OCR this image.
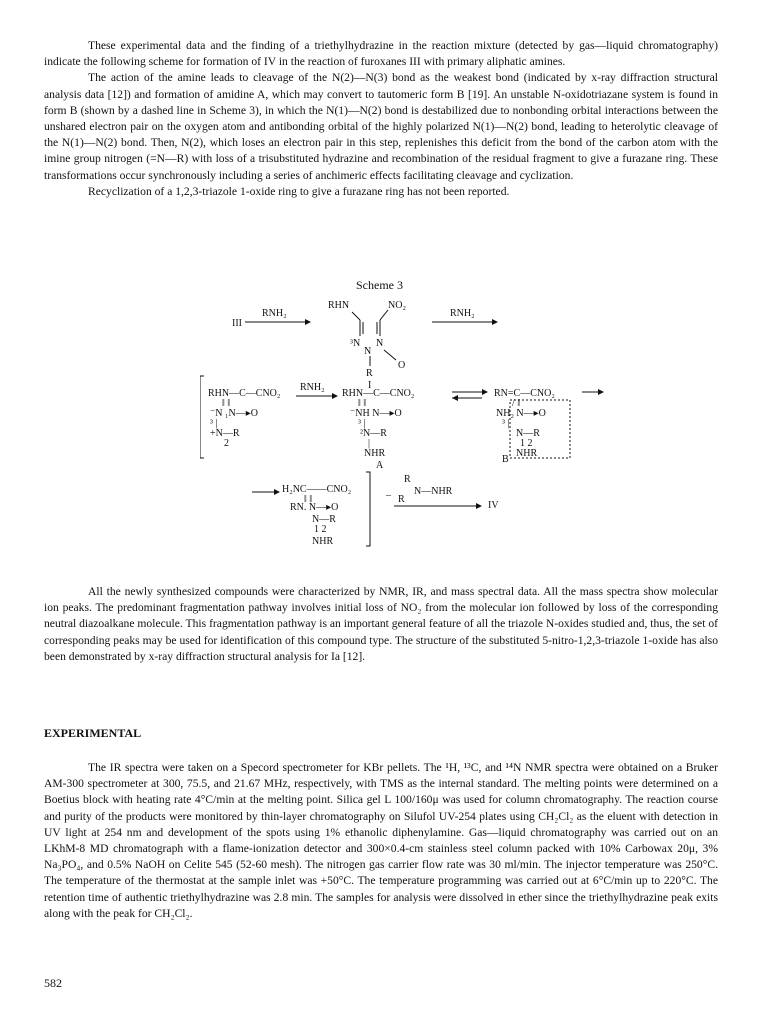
These experimental data and the finding of a triethylhydrazine in the reaction mixture (detected by gas—liquid chromatography) indicate the following scheme for formation of IV in the reaction of furoxanes III with primary aliphatic amines.

The action of the amine leads to cleavage of the N(2)—N(3) bond as the weakest bond (indicated by x-ray diffraction structural analysis data [12]) and formation of amidine A, which may convert to tautomeric form B [19]. An unstable N-oxidotriazane system is found in form B (shown by a dashed line in Scheme 3), in which the N(1)—N(2) bond is destabilized due to nonbonding orbital interactions between the unshared electron pair on the oxygen atom and antibonding orbital of the highly polarized N(1)—N(2) bond, leading to heterolytic cleavage of the N(1)—N(2) bond. Then, N(2), which loses an electron pair in this step, replenishes this deficit from the bond of the carbon atom with the imine group nitrogen (=N—R) with loss of a trisubstituted hydrazine and recombination of the residual fragment to give a furazane ring. These transformations occur synchronously including a series of anchimeric effects facilitating cleavage and cyclization.

Recyclization of a 1,2,3-triazole 1-oxide ring to give a furazane ring has not been reported.

Scheme 3
III
RNH₂
RHN	NO₂
³N N
N
O
R
I
RNH₂
RHN—C—CNO₂
‖ ‖
⁻N ₁N—▸O
³ |
+N—R
2
RNH₂
RHN—C—CNO₂
‖ ‖
⁻NH N—▸O
³ |
²N—R
|
NHR
A
RN=C—CNO₂
/ ‖
NH₂ N—▸O
³ |
N—R
1 2
NHR
B
H₂NC——CNO₂
‖ ‖
RN. N—▸O
N—R
1 2
NHR
–
R
R
N—NHR
IV

All the newly synthesized compounds were characterized by NMR, IR, and mass spectral data. All the mass spectra show molecular ion peaks. The predominant fragmentation pathway involves initial loss of NO₂ from the molecular ion followed by loss of the corresponding neutral diazoalkane molecule. This fragmentation pathway is an important general feature of all the triazole N-oxides studied and, thus, the set of corresponding peaks may be used for identification of this compound type. The structure of the substituted 5-nitro-1,2,3-triazole 1-oxide has also been demonstrated by x-ray diffraction structural analysis for Ia [12].

EXPERIMENTAL

The IR spectra were taken on a Specord spectrometer for KBr pellets. The ¹H, ¹³C, and ¹⁴N NMR spectra were obtained on a Bruker AM-300 spectrometer at 300, 75.5, and 21.67 MHz, respectively, with TMS as the internal standard. The melting points were determined on a Boetius block with heating rate 4°C/min at the melting point. Silica gel L 100/160μ was used for column chromatography. The reaction course and purity of the products were monitored by thin-layer chromatography on Silufol UV-254 plates using CH₂Cl₂ as the eluent with detection in UV light at 254 nm and development of the spots using 1% ethanolic diphenylamine. Gas—liquid chromatography was carried out on an LKhM-8 MD chromatograph with a flame-ionization detector and 300×0.4-cm stainless steel column packed with 10% Carbowax 20μ, 3% Na₃PO₄, and 0.5% NaOH on Celite 545 (52-60 mesh). The nitrogen gas carrier flow rate was 30 ml/min. The injector temperature was 250°C. The temperature of the thermostat at the sample inlet was +50°C. The temperature programming was carried out at 6°C/min up to 220°C. The retention time of authentic triethylhydrazine was 2.8 min. The samples for analysis were dissolved in ether since the triethylhydrazine peak exits along with the peak for CH₂Cl₂.

582
